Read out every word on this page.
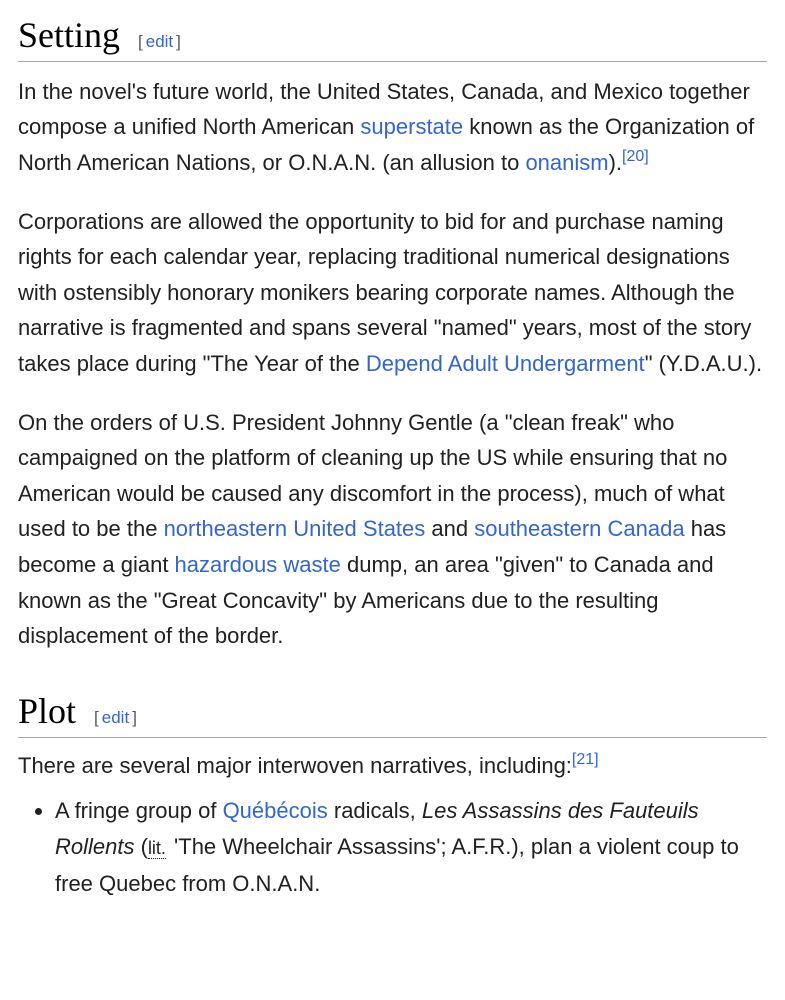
Setting [ edit ]

In the novel's future world, the United States, Canada, and Mexico together compose a unified North American superstate known as the Organization of North American Nations, or O.N.A.N. (an allusion to onanism).[20]

Corporations are allowed the opportunity to bid for and purchase naming rights for each calendar year, replacing traditional numerical designations with ostensibly honorary monikers bearing corporate names. Although the narrative is fragmented and spans several "named" years, most of the story takes place during "The Year of the Depend Adult Undergarment" (Y.D.A.U.).

On the orders of U.S. President Johnny Gentle (a "clean freak" who campaigned on the platform of cleaning up the US while ensuring that no American would be caused any discomfort in the process), much of what used to be the northeastern United States and southeastern Canada has become a giant hazardous waste dump, an area "given" to Canada and known as the "Great Concavity" by Americans due to the resulting displacement of the border.

Plot [ edit ]

There are several major interwoven narratives, including:[21]

• A fringe group of Québécois radicals, Les Assassins des Fauteuils Rollents (lit. 'The Wheelchair Assassins'; A.F.R.), plan a violent coup to free Quebec from O.N.A.N.
